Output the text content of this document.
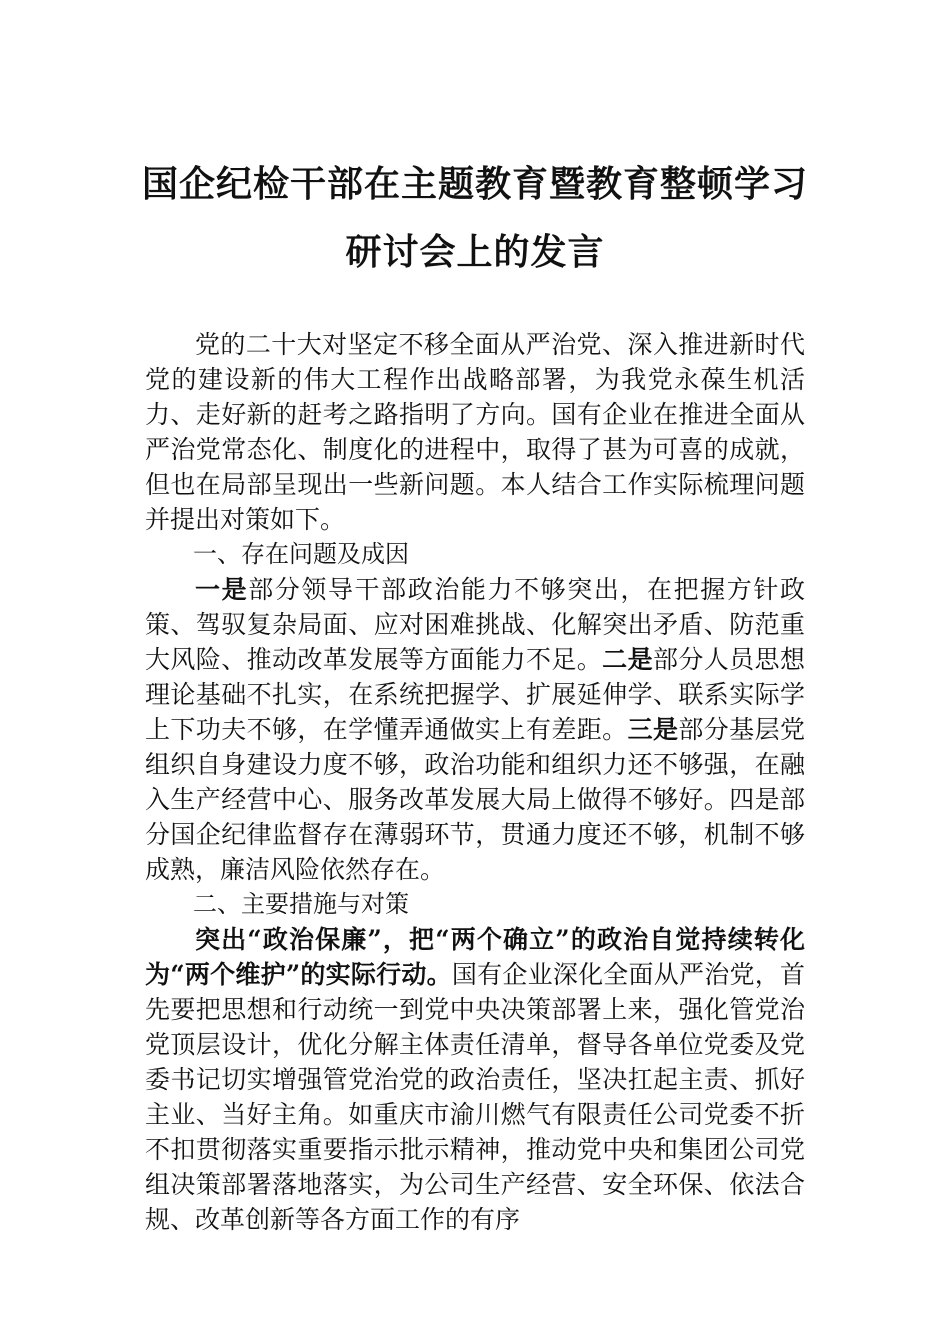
国企纪检干部在主题教育暨教育整顿学习
研讨会上的发言

党的二十大对坚定不移全面从严治党、深入推进新时代党的建设新的伟大工程作出战略部署，为我党永葆生机活力、走好新的赶考之路指明了方向。国有企业在推进全面从严治党常态化、制度化的进程中，取得了甚为可喜的成就，但也在局部呈现出一些新问题。本人结合工作实际梳理问题并提出对策如下。

一、存在问题及成因

一是部分领导干部政治能力不够突出，在把握方针政策、驾驭复杂局面、应对困难挑战、化解突出矛盾、防范重大风险、推动改革发展等方面能力不足。二是部分人员思想理论基础不扎实，在系统把握学、扩展延伸学、联系实际学上下功夫不够，在学懂弄通做实上有差距。三是部分基层党组织自身建设力度不够，政治功能和组织力还不够强，在融入生产经营中心、服务改革发展大局上做得不够好。四是部分国企纪律监督存在薄弱环节，贯通力度还不够，机制不够成熟，廉洁风险依然存在。

二、主要措施与对策

突出“政治保廉”，把“两个确立”的政治自觉持续转化为“两个维护”的实际行动。国有企业深化全面从严治党，首先要把思想和行动统一到党中央决策部署上来，强化管党治党顶层设计，优化分解主体责任清单，督导各单位党委及党委书记切实增强管党治党的政治责任，坚决扛起主责、抓好主业、当好主角。如重庆市渝川燃气有限责任公司党委不折不扣贯彻落实重要指示批示精神，推动党中央和集团公司党组决策部署落地落实，为公司生产经营、安全环保、依法合规、改革创新等各方面工作的有序
